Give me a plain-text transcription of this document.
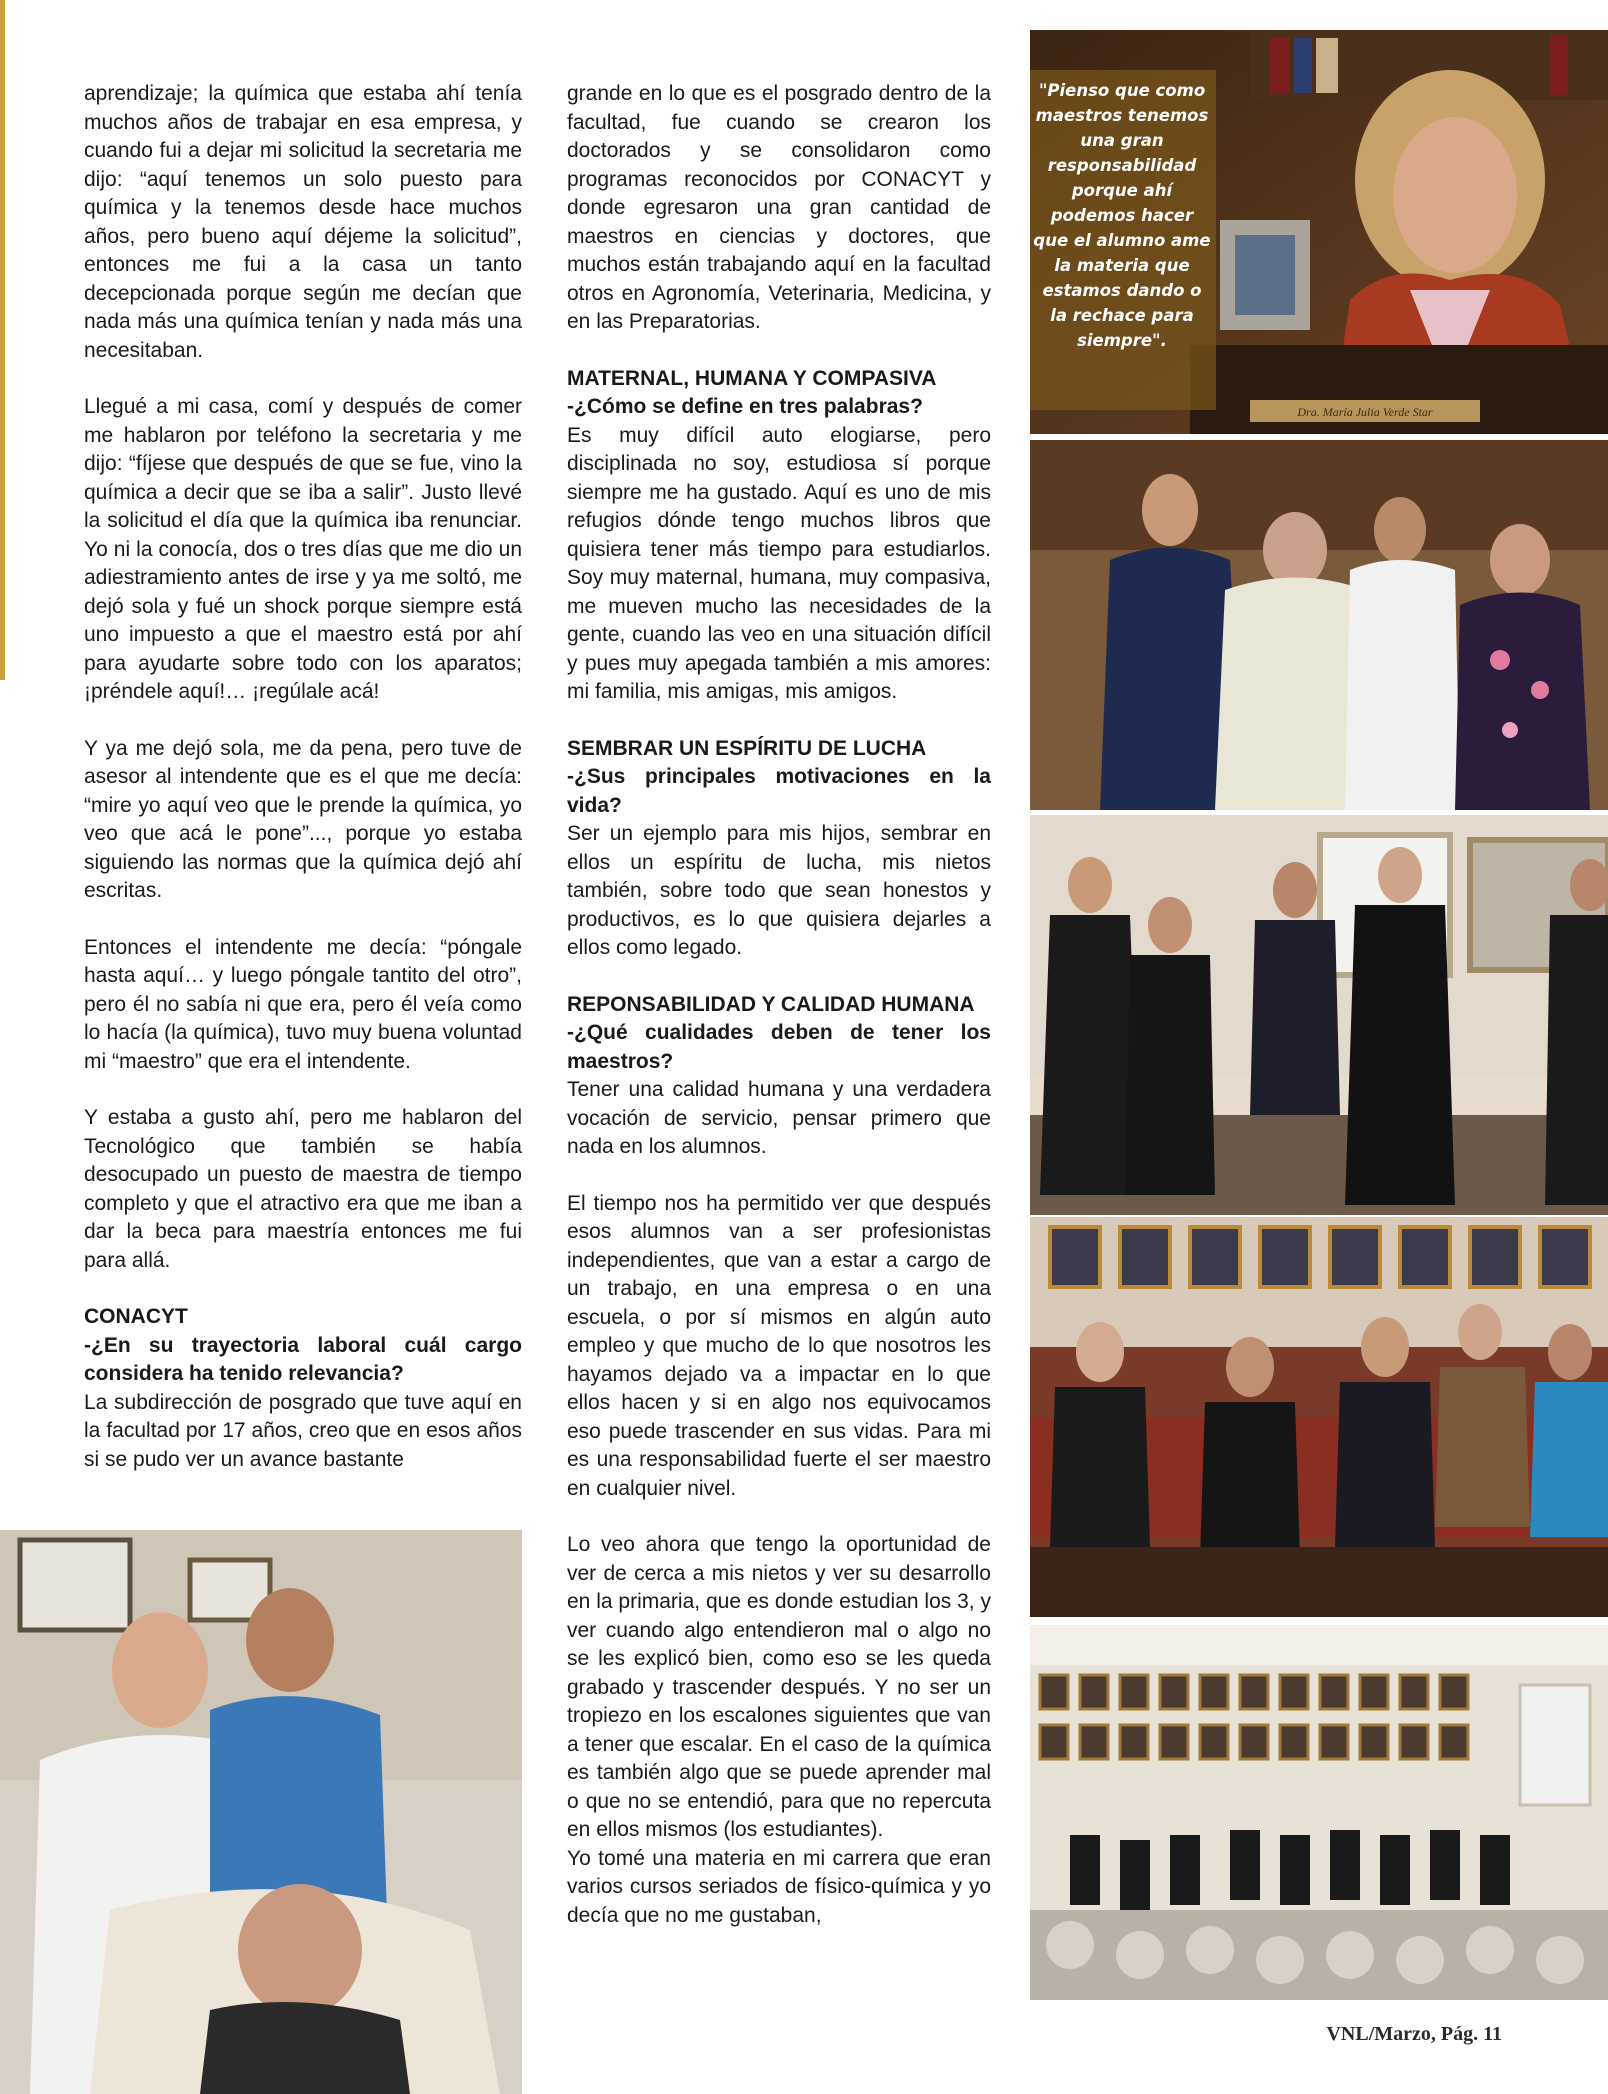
aprendizaje; la química que estaba ahí tenía muchos años de trabajar en esa empresa, y cuando fui a dejar mi solicitud la secretaria me dijo: “aquí tenemos un solo puesto para química y la tenemos desde hace muchos años, pero bueno aquí déjeme la solicitud”, entonces me fui a la casa un tanto decepcionada porque según me decían que nada más una química tenían y nada más una necesitaban.

Llegué a mi casa, comí y después de comer me hablaron por teléfono la secretaria y me dijo: “fíjese que después de que se fue, vino la química a decir que se iba a salir”. Justo llevé la solicitud el día que la química iba renunciar. Yo ni la conocía, dos o tres días que me dio un adiestramiento antes de irse y ya me soltó, me dejó sola y fué un shock porque siempre está uno impuesto a que el maestro está por ahí para ayudarte sobre todo con los aparatos; ¡préndele aquí!… ¡regúlale acá!

Y ya me dejó sola, me da pena, pero tuve de asesor al intendente que es el que me decía: “mire yo aquí veo que le prende la química, yo veo que acá le pone”..., porque yo estaba siguiendo las normas que la química dejó ahí escritas.

Entonces el intendente me decía: “póngale hasta aquí… y luego póngale tantito del otro”, pero él no sabía ni que era, pero él veía como lo hacía (la química), tuvo muy buena voluntad mi “maestro” que era el intendente.

Y estaba a gusto ahí, pero me hablaron del Tecnológico que también se había desocupado un puesto de maestra de tiempo completo y que el atractivo era que me iban a dar la beca para maestría entonces me fui para allá.

CONACYT
-¿En su trayectoria laboral cuál cargo considera ha tenido relevancia?
La subdirección de posgrado que tuve aquí en la facultad por 17 años, creo que en esos años si se pudo ver un avance bastante

grande en lo que es el posgrado dentro de la facultad, fue cuando se crearon los doctorados y se consolidaron como programas reconocidos por CONACYT y donde egresaron una gran cantidad de maestros en ciencias y doctores, que muchos están trabajando aquí en la facultad otros en Agronomía, Veterinaria, Medicina, y en las Preparatorias.

MATERNAL, HUMANA Y COMPASIVA
-¿Cómo se define en tres palabras?

Es muy difícil auto elogiarse, pero disciplinada no soy, estudiosa sí porque siempre me ha gustado. Aquí es uno de mis refugios dónde tengo muchos libros que quisiera tener más tiempo para estudiarlos. Soy muy maternal, humana, muy compasiva, me mueven mucho las necesidades de la gente, cuando las veo en una situación difícil y pues muy apegada también a mis amores: mi familia, mis amigas, mis amigos.

SEMBRAR UN ESPÍRITU DE LUCHA
-¿Sus principales motivaciones en la vida?

Ser un ejemplo para mis hijos, sembrar en ellos un espíritu de lucha, mis nietos también, sobre todo que sean honestos y productivos, es lo que quisiera dejarles a ellos como legado.

REPONSABILIDAD Y CALIDAD HUMANA
-¿Qué cualidades deben de tener los maestros?

Tener una calidad humana y una verdadera vocación de servicio, pensar primero que nada en los alumnos.

El tiempo nos ha permitido ver que después esos alumnos van a ser profesionistas independientes, que van a estar a cargo de un trabajo, en una empresa o en una escuela, o por sí mismos en algún auto empleo y que mucho de lo que nosotros les hayamos dejado va a impactar en lo que ellos hacen y si en algo nos equivocamos eso puede trascender en sus vidas. Para mi es una responsabilidad fuerte el ser maestro en cualquier nivel.

Lo veo ahora que tengo la oportunidad de ver de cerca a mis nietos y ver su desarrollo en la primaria, que es donde estudian los 3, y ver cuando algo entendieron mal o algo no se les explicó bien, como eso se les queda grabado y trascender después. Y no ser un tropiezo en los escalones siguientes que van a tener que escalar. En el caso de la química es también algo que se puede aprender mal o que no se entendió, para que no repercuta en ellos mismos (los estudiantes).
Yo tomé una materia en mi carrera que eran varios cursos seriados de físico-química y yo decía que no me gustaban,
Dra. María Julia Verde Star
"Pienso que como maestros tenemos una gran responsabilidad porque ahí podemos hacer que el alumno ame la materia que estamos dando o la rechace para siempre".
VNL/Marzo, Pág. 11
